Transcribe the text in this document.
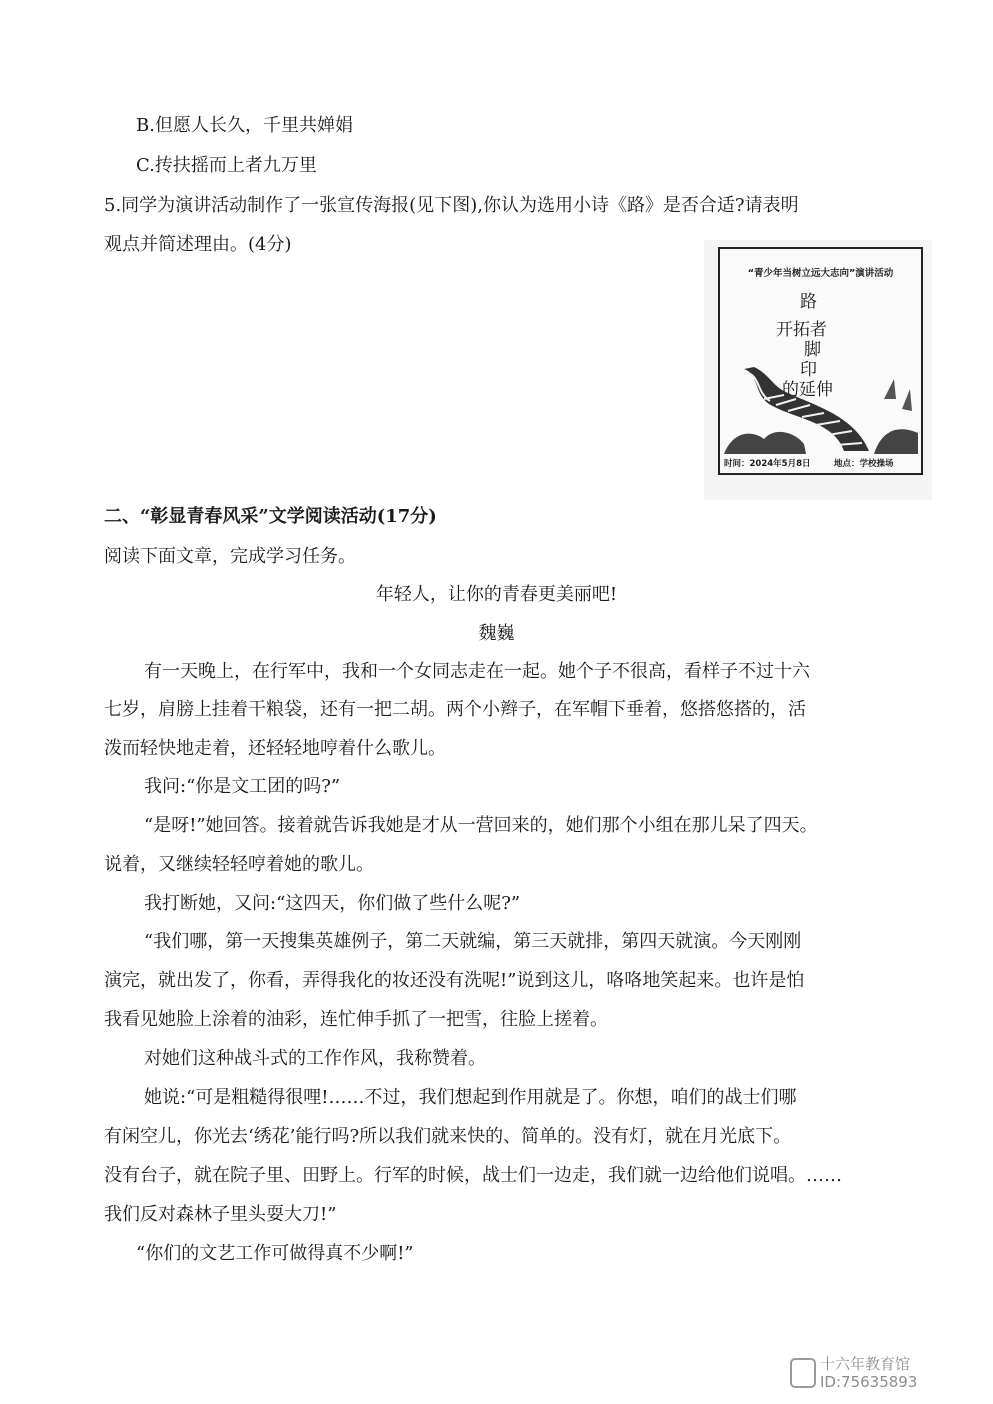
B.但愿人长久，千里共婵娟
C.抟扶摇而上者九万里
5.同学为演讲活动制作了一张宣传海报(见下图),你认为选用小诗《路》是否合适?请表明
观点并简述理由。(4分)
“青少年当树立远大志向”演讲活动
路
开拓者
脚
印
的延伸
时间：2024年5月8日	地点：学校操场
二、“彰显青春风采”文学阅读活动(17分)
阅读下面文章，完成学习任务。
年轻人，让你的青春更美丽吧!
魏巍
有一天晚上，在行军中，我和一个女同志走在一起。她个子不很高，看样子不过十六
七岁，肩膀上挂着干粮袋，还有一把二胡。两个小辫子，在军帽下垂着，悠搭悠搭的，活
泼而轻快地走着，还轻轻地哼着什么歌儿。
我问:“你是文工团的吗?”
“是呀!”她回答。接着就告诉我她是才从一营回来的，她们那个小组在那儿呆了四天。
说着，又继续轻轻哼着她的歌儿。
我打断她，又问:“这四天，你们做了些什么呢?”
“我们哪，第一天搜集英雄例子，第二天就编，第三天就排，第四天就演。今天刚刚
演完，就出发了，你看，弄得我化的妆还没有洗呢!”说到这儿，咯咯地笑起来。也许是怕
我看见她脸上涂着的油彩，连忙伸手抓了一把雪，往脸上搓着。
对她们这种战斗式的工作作风，我称赞着。
她说:“可是粗糙得很哩!……不过，我们想起到作用就是了。你想，咱们的战士们哪
有闲空儿，你光去‘绣花’能行吗?所以我们就来快的、简单的。没有灯，就在月光底下。
没有台子，就在院子里、田野上。行军的时候，战士们一边走，我们就一边给他们说唱。……
我们反对森林子里头耍大刀!”
“你们的文艺工作可做得真不少啊!”
十六年教育馆
ID:75635893
